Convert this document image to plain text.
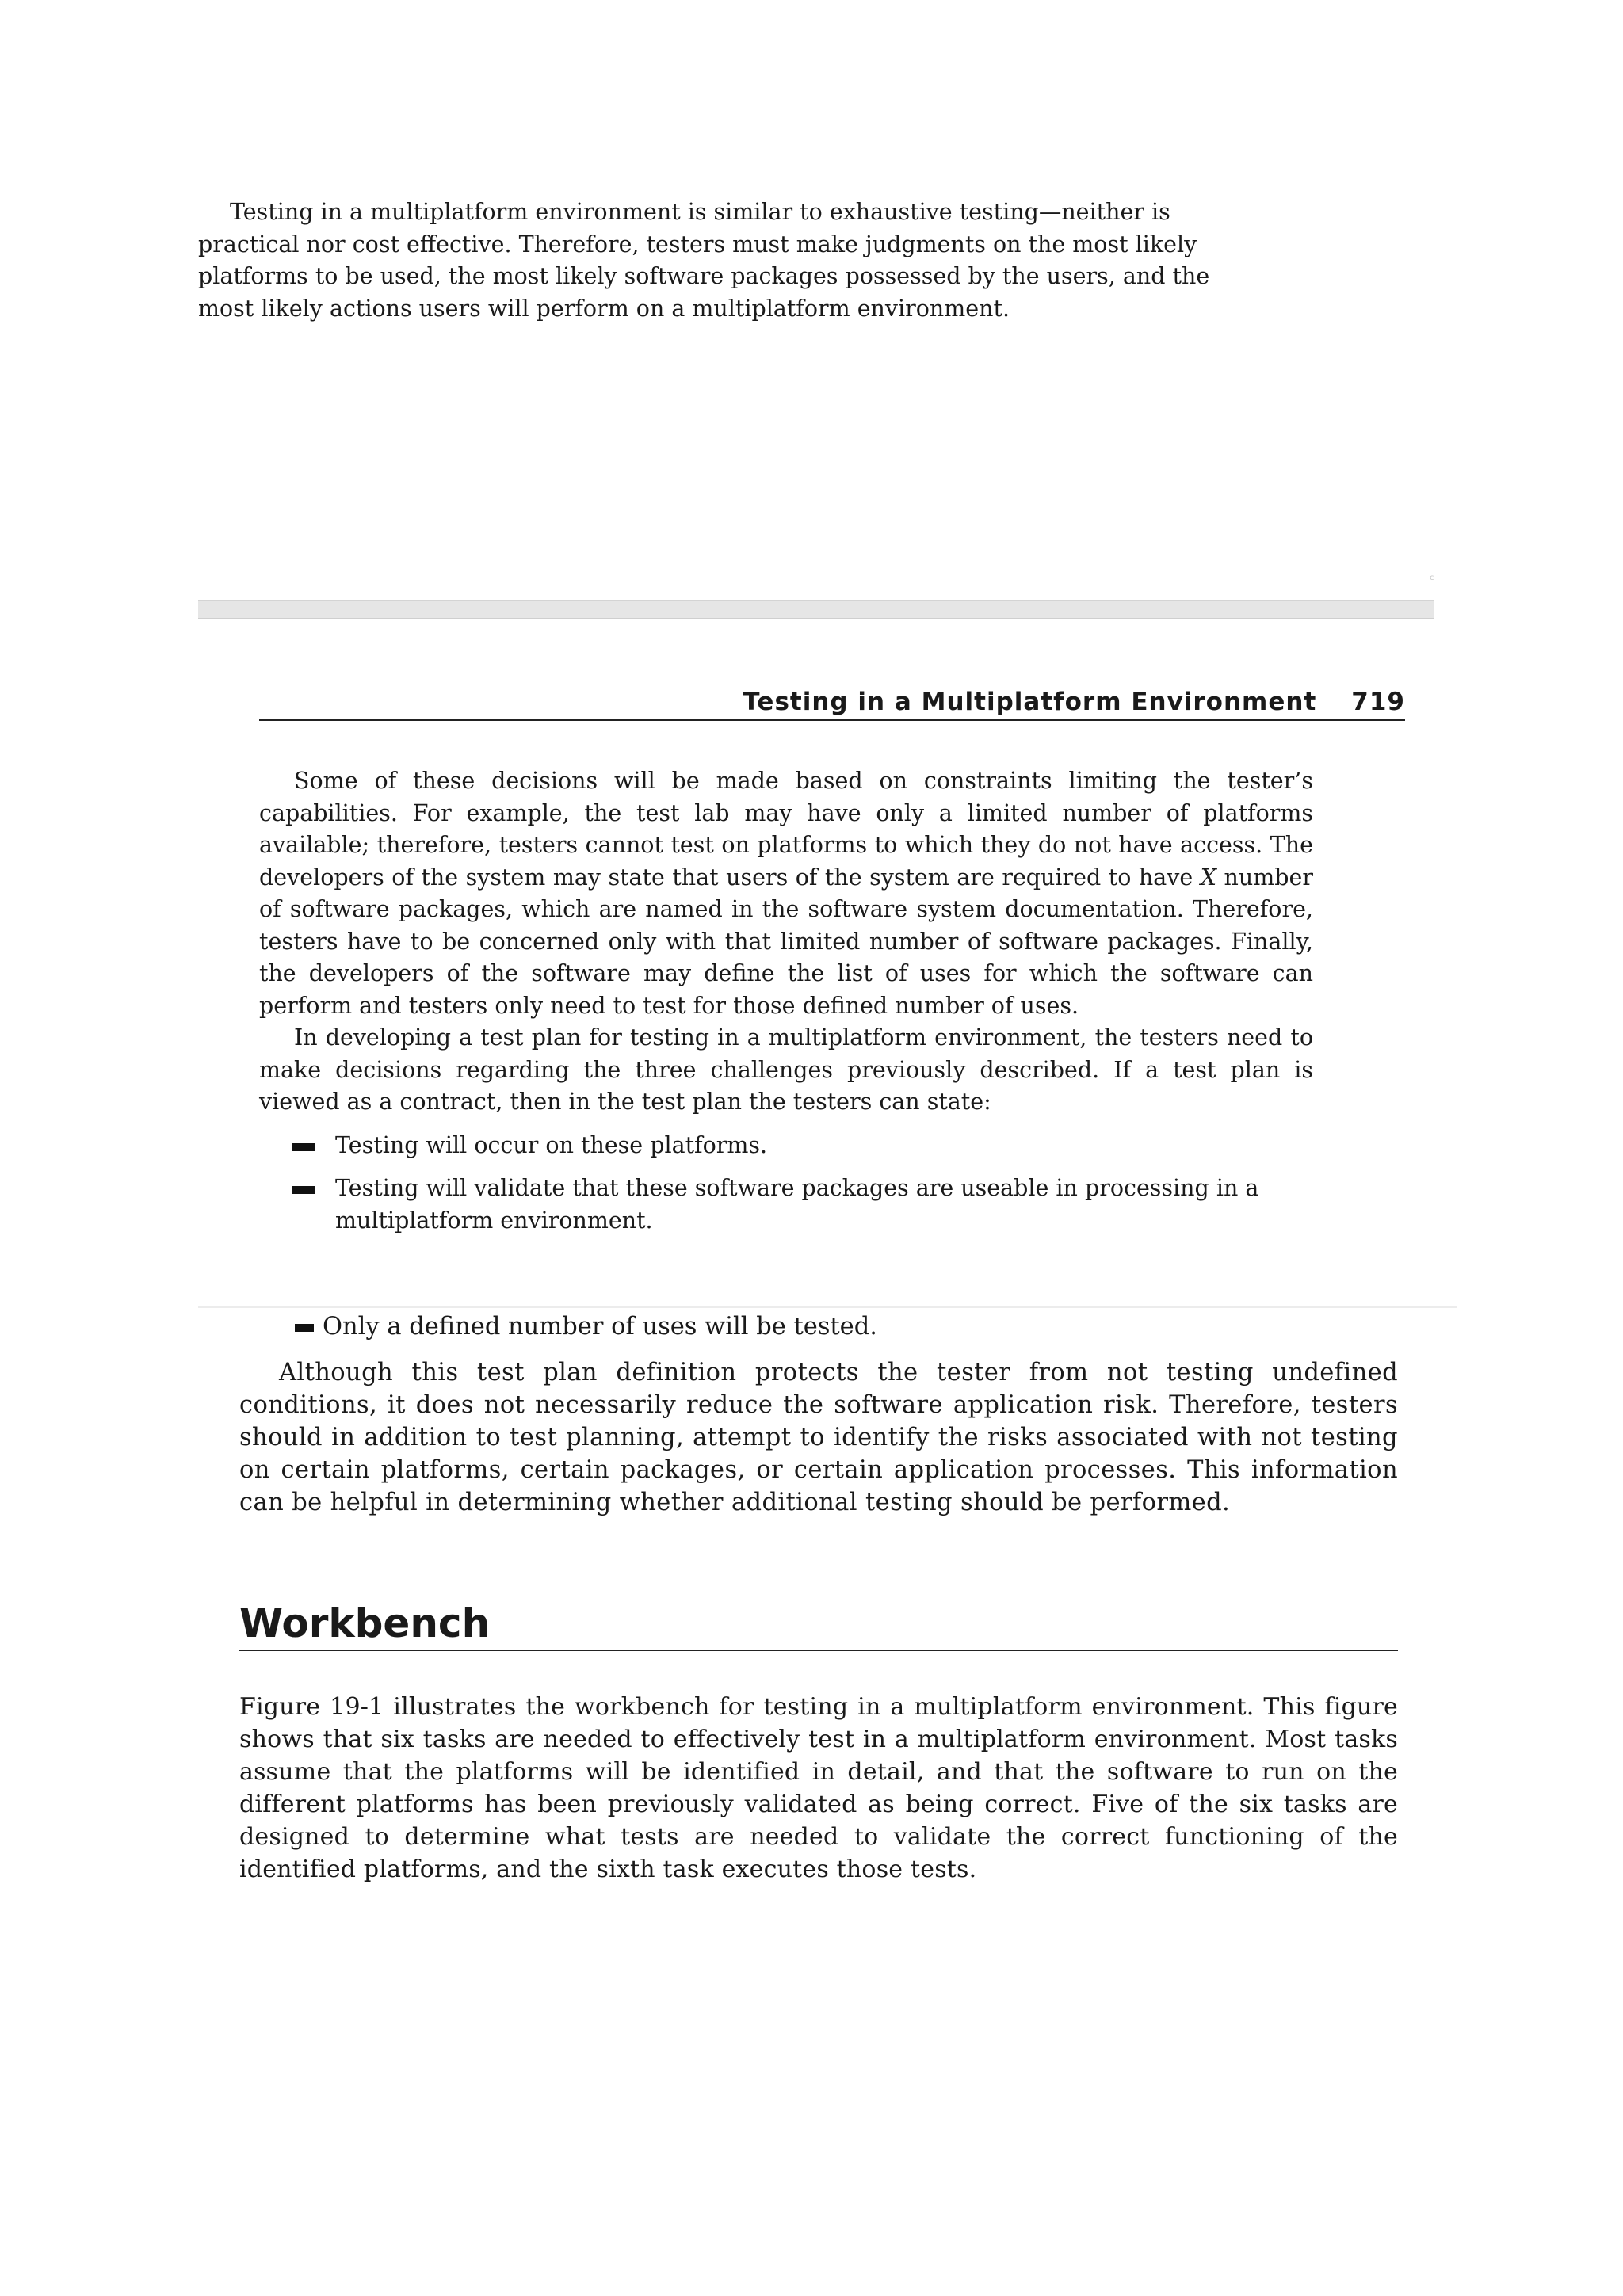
Testing in a multiplatform environment is similar to exhaustive testing—neither is practical nor cost effective. Therefore, testers must make judgments on the most likely platforms to be used, the most likely software packages possessed by the users, and the most likely actions users will perform on a multiplatform environment.

c
Testing in a Multiplatform Environment 719

Some of these decisions will be made based on constraints limiting the tester’s capabilities. For example, the test lab may have only a limited number of platforms available; therefore, testers cannot test on platforms to which they do not have access. The developers of the system may state that users of the system are required to have X number of software packages, which are named in the software system documentation. Therefore, testers have to be concerned only with that limited number of software packages. Finally, the developers of the software may define the list of uses for which the software can perform and testers only need to test for those defined number of uses.

In developing a test plan for testing in a multiplatform environment, the testers need to make decisions regarding the three challenges previously described. If a test plan is viewed as a contract, then in the test plan the testers can state:

Testing will occur on these platforms.
Testing will validate that these software packages are useable in processing in a multiplatform environment.
Only a defined number of uses will be tested.

Although this test plan definition protects the tester from not testing undefined conditions, it does not necessarily reduce the software application risk. Therefore, testers should in addition to test planning, attempt to identify the risks associated with not testing on certain platforms, certain packages, or certain application processes. This information can be helpful in determining whether additional testing should be performed.

Workbench

Figure 19-1 illustrates the workbench for testing in a multiplatform environment. This figure shows that six tasks are needed to effectively test in a multiplatform environment. Most tasks assume that the platforms will be identified in detail, and that the software to run on the different platforms has been previously validated as being correct. Five of the six tasks are designed to determine what tests are needed to validate the correct functioning of the identified platforms, and the sixth task executes those tests.
